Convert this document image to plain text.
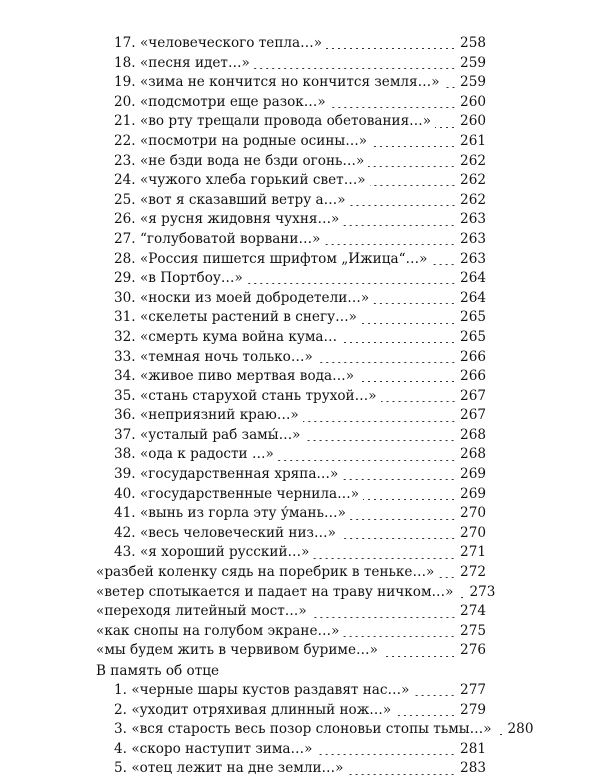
17. «человеческого тепла…»	258
18. «песня идет…»	259
19. «зима не кончится но кончится земля…» 259
20. «подсмотри еще разок…»	260
21. «во рту трещали провода обетования…» 260
22. «посмотри на родные осины…»	261
23. «не бзди вода не бзди огонь…»	262
24. «чужого хлеба горький свет…»	262
25. «вот я сказавший ветру а…»	262
26. «я русня жидовня чухня…»	263
27. “голубоватой ворвани…»	263
28. «Россия пишется шрифтом „Ижица“…» 263
29. «в Портбоу…»	264
30. «носки из моей добродетели…»	264
31. «скелеты растений в снегу…»	265
32. «смерть кума война кума…	265
33. «темная ночь только…»	266
34. «живое пиво мертвая вода…»	266
35. «стань старухой стань трухой…»	267
36. «неприязний краю…»	267
37. «усталый раб замы́…»	268
38. «ода к радости …»	268
39. «государственная хряпа…»	269
40. «государственные чернила…»	269
41. «вынь из горла эту у́мань…»	270
42. «весь человеческий низ…»	270
43. «я хороший русский…»	271
«разбей коленку сядь на поребрик в теньке…» 272
«ветер спотыкается и падает на траву ничком…» 273
«переходя литейный мост…»	274
«как снопы на голубом экране…»	275
«мы будем жить в червивом буриме…»	276
В память об отце
1. «черные шары кустов раздавят нас…»	277
2. «уходит отряхивая длинный нож…»	279
3. «вся старость весь позор слоновьи стопы тьмы…» 280
4. «скоро наступит зима…»	281
5. «отец лежит на дне земли…»	283
